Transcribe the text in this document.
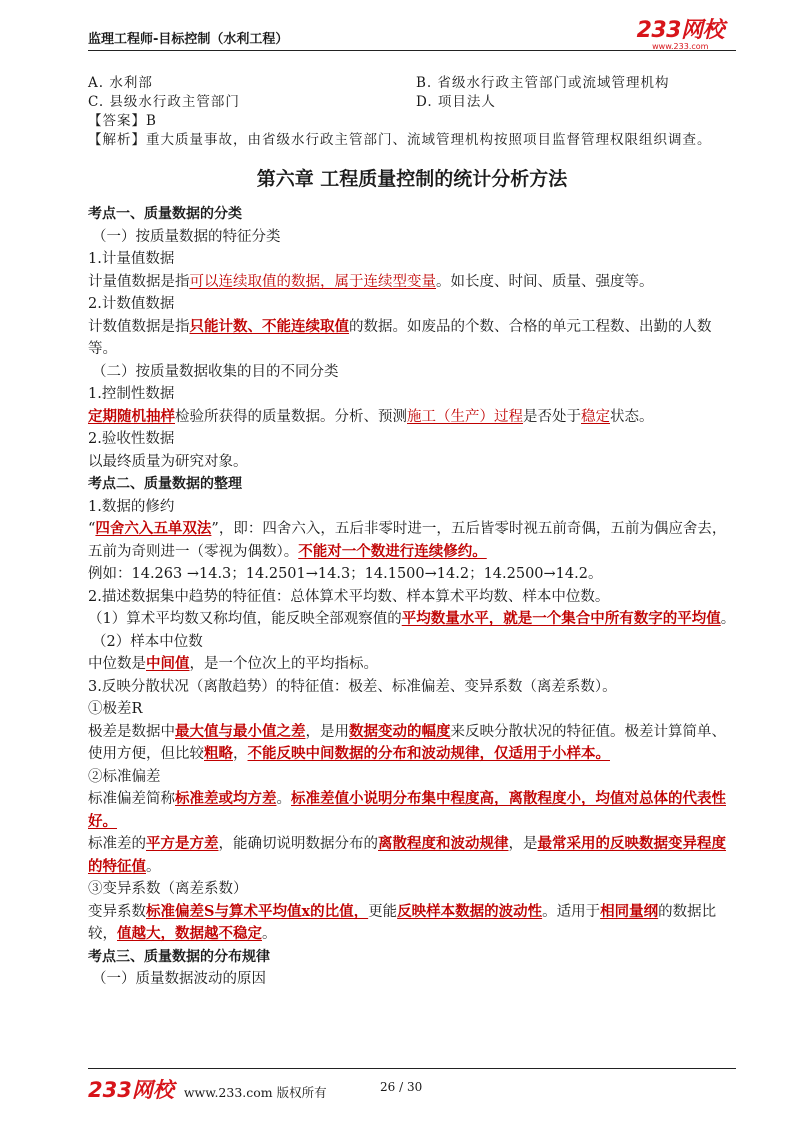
监理工程师-目标控制（水利工程）	233网校
www.233.com
A. 水利部	B. 省级水行政主管部门或流域管理机构
C. 县级水行政主管部门	D. 项目法人
【答案】B
【解析】重大质量事故，由省级水行政主管部门、流域管理机构按照项目监督管理权限组织调查。
第六章 工程质量控制的统计分析方法
考点一、质量数据的分类
（一）按质量数据的特征分类
1.计量值数据
计量值数据是指可以连续取值的数据，属于连续型变量。如长度、时间、质量、强度等。
2.计数值数据
计数值数据是指只能计数、不能连续取值的数据。如废品的个数、合格的单元工程数、出勤的人数等。
（二）按质量数据收集的目的不同分类
1.控制性数据
定期随机抽样检验所获得的质量数据。分析、预测施工（生产）过程是否处于稳定状态。
2.验收性数据
以最终质量为研究对象。
考点二、质量数据的整理
1.数据的修约
“四舍六入五单双法”，即：四舍六入，五后非零时进一，五后皆零时视五前奇偶，五前为偶应舍去，五前为奇则进一（零视为偶数）。不能对一个数进行连续修约。
例如：14.263 →14.3；14.2501→14.3；14.1500→14.2；14.2500→14.2。
2.描述数据集中趋势的特征值：总体算术平均数、样本算术平均数、样本中位数。
（1）算术平均数又称均值，能反映全部观察值的平均数量水平，就是一个集合中所有数字的平均值。
（2）样本中位数
中位数是中间值，是一个位次上的平均指标。
3.反映分散状况（离散趋势）的特征值：极差、标准偏差、变异系数（离差系数）。
①极差R
极差是数据中最大值与最小值之差，是用数据变动的幅度来反映分散状况的特征值。极差计算简单、使用方便，但比较粗略，不能反映中间数据的分布和波动规律，仅适用于小样本。
②标准偏差
标准偏差简称标准差或均方差。标准差值小说明分布集中程度高，离散程度小，均值对总体的代表性好。
标准差的平方是方差，能确切说明数据分布的离散程度和波动规律，是最常采用的反映数据变异程度的特征值。
③变异系数（离差系数）
变异系数标准偏差S与算术平均值x的比值，更能反映样本数据的波动性。适用于相同量纲的数据比较，值越大，数据越不稳定。
考点三、质量数据的分布规律
（一）质量数据波动的原因
233网校 www.233.com 版权所有	26 / 30
